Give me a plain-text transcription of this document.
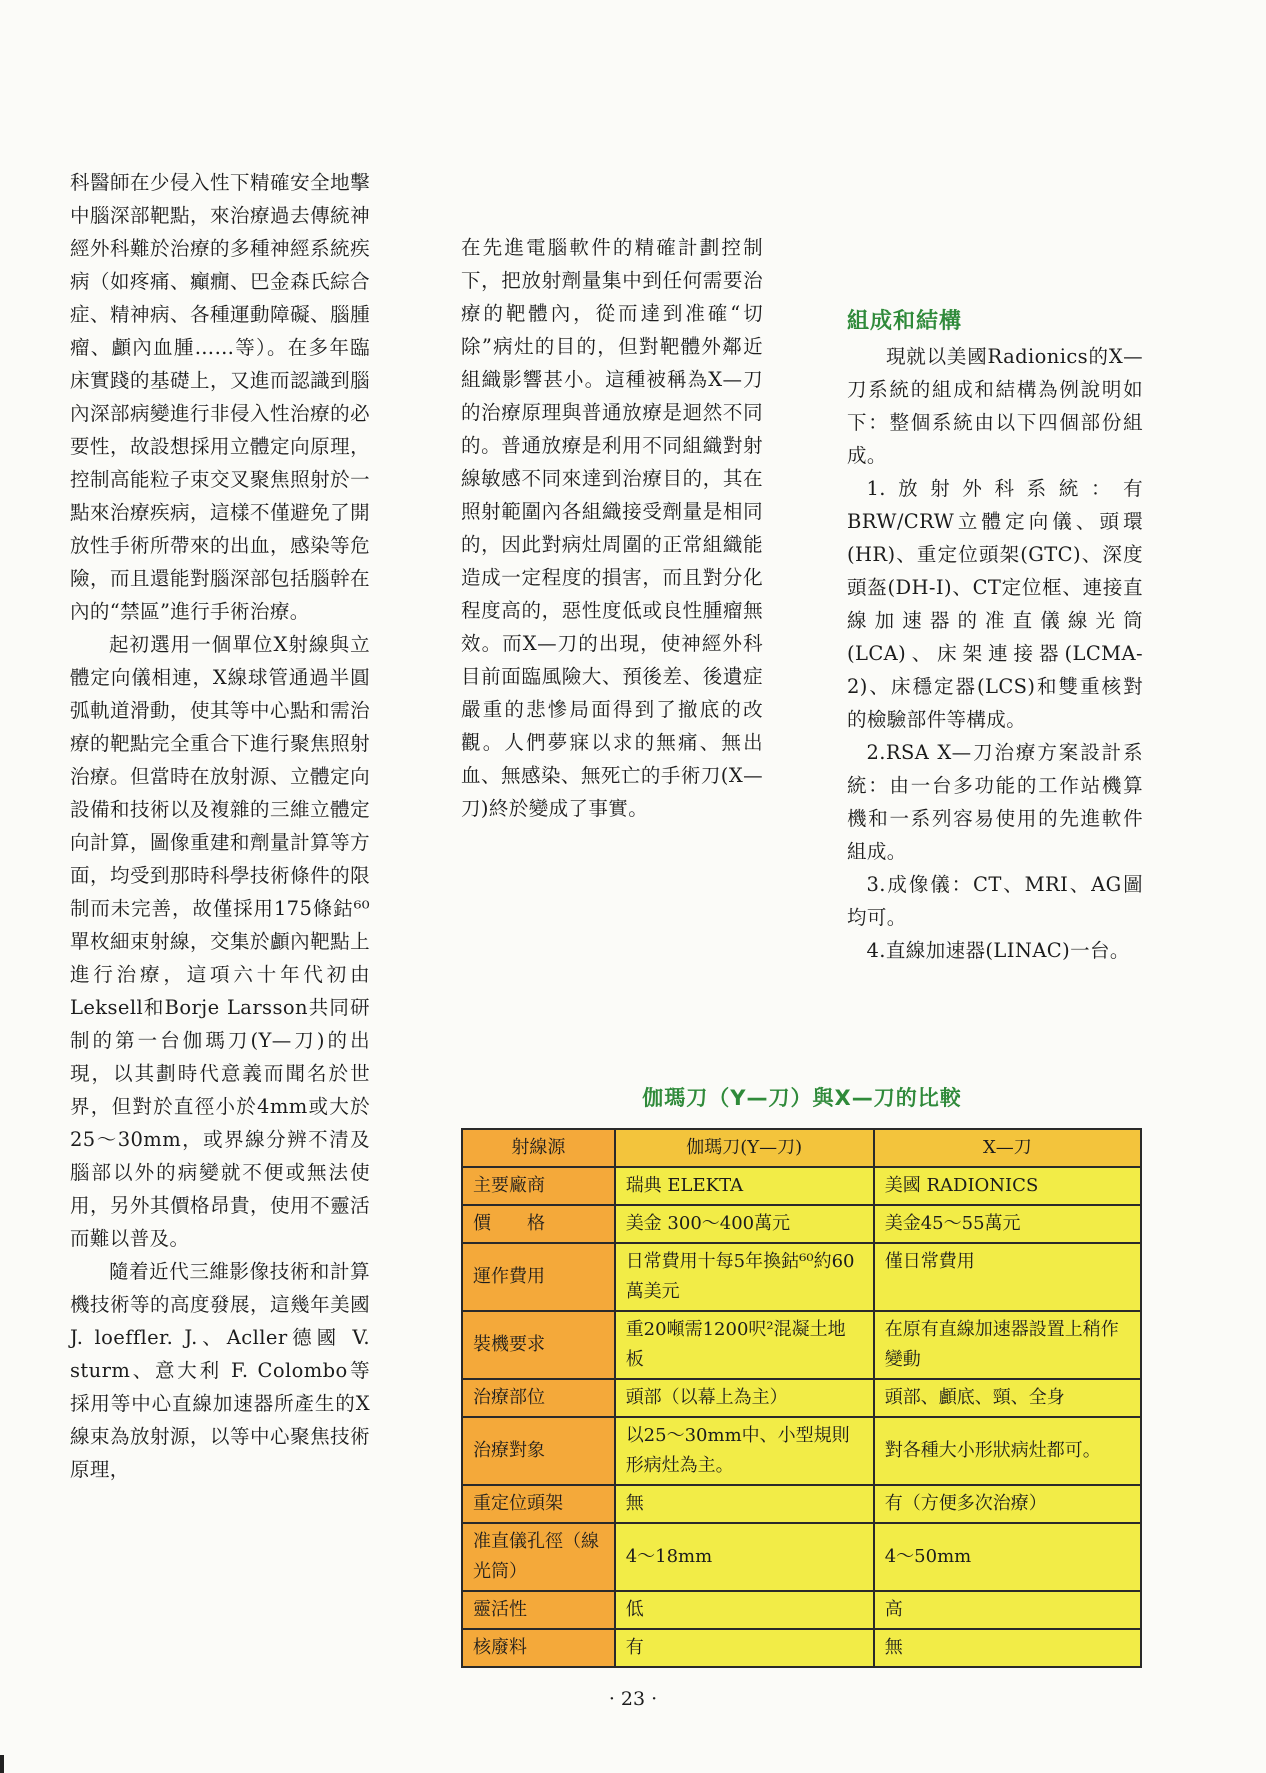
科醫師在少侵入性下精確安全地擊中腦深部靶點，來治療過去傳統神經外科難於治療的多種神經系統疾病（如疼痛、癲癇、巴金森氏綜合症、精神病、各種運動障礙、腦腫瘤、顱內血腫……等）。在多年臨床實踐的基礎上，又進而認識到腦內深部病變進行非侵入性治療的必要性，故設想採用立體定向原理，控制高能粒子束交叉聚焦照射於一點來治療疾病，這樣不僅避免了開放性手術所帶來的出血，感染等危險，而且還能對腦深部包括腦幹在內的“禁區”進行手術治療。

起初選用一個單位X射線與立體定向儀相連，X線球管通過半圓弧軌道滑動，使其等中心點和需治療的靶點完全重合下進行聚焦照射治療。但當時在放射源、立體定向設備和技術以及複雜的三維立體定向計算，圖像重建和劑量計算等方面，均受到那時科學技術條件的限制而未完善，故僅採用175條鈷⁶⁰單枚細束射線，交集於顱內靶點上進行治療，這項六十年代初由Leksell和Borje Larsson共同研制的第一台伽瑪刀(Υ—刀)的出現，以其劃時代意義而聞名於世界，但對於直徑小於4mm或大於25～30mm，或界線分辨不清及腦部以外的病變就不便或無法使用，另外其價格昂貴，使用不靈活而難以普及。

隨着近代三維影像技術和計算機技術等的高度發展，這幾年美國 J. loeffler. J.、Acller德國 V. sturm、意大利 F. Colombo等採用等中心直線加速器所產生的X線束為放射源，以等中心聚焦技術原理，

在先進電腦軟件的精確計劃控制下，把放射劑量集中到任何需要治療的靶體內，從而達到准確“切除”病灶的目的，但對靶體外鄰近組織影響甚小。這種被稱為X—刀的治療原理與普通放療是迴然不同的。普通放療是利用不同組織對射線敏感不同來達到治療目的，其在照射範圍內各組織接受劑量是相同的，因此對病灶周圍的正常組織能造成一定程度的損害，而且對分化程度高的，惡性度低或良性腫瘤無效。而X—刀的出現，使神經外科目前面臨風險大、預後差、後遺症嚴重的悲慘局面得到了撤底的改觀。人們夢寐以求的無痛、無出血、無感染、無死亡的手術刀(X—刀)終於變成了事實。

組成和結構

現就以美國Radionics的X—刀系統的組成和結構為例說明如下：整個系統由以下四個部份組成。

1.放射外科系統：有BRW/CRW立體定向儀、頭環(HR)、重定位頭架(GTC)、深度頭盔(DH-I)、CT定位框、連接直線加速器的准直儀線光筒(LCA)、床架連接器(LCMA-2)、床穩定器(LCS)和雙重核對的檢驗部件等構成。

2.RSA X—刀治療方案設計系統：由一台多功能的工作站機算機和一系列容易使用的先進軟件組成。

3.成像儀：CT、MRI、AG圖均可。

4.直線加速器(LINAC)一台。

伽瑪刀（Υ—刀）與X—刀的比較
射線源	伽瑪刀(Υ—刀)	X—刀
主要廠商	瑞典 ELEKTA	美國 RADIONICS
價　　格	美金 300～400萬元	美金45～55萬元
運作費用	日常費用十每5年換鈷⁶⁰約60萬美元	僅日常費用
裝機要求	重20噸需1200呎²混凝土地板	在原有直線加速器設置上稍作變動
治療部位	頭部（以幕上為主）	頭部、顱底、頸、全身
治療對象	以25～30mm中、小型規則形病灶為主。	對各種大小形狀病灶都可。
重定位頭架	無	有（方便多次治療）
准直儀孔徑（線光筒）	4～18mm	4～50mm
靈活性	低	高
核廢料	有	無
· 23 ·
